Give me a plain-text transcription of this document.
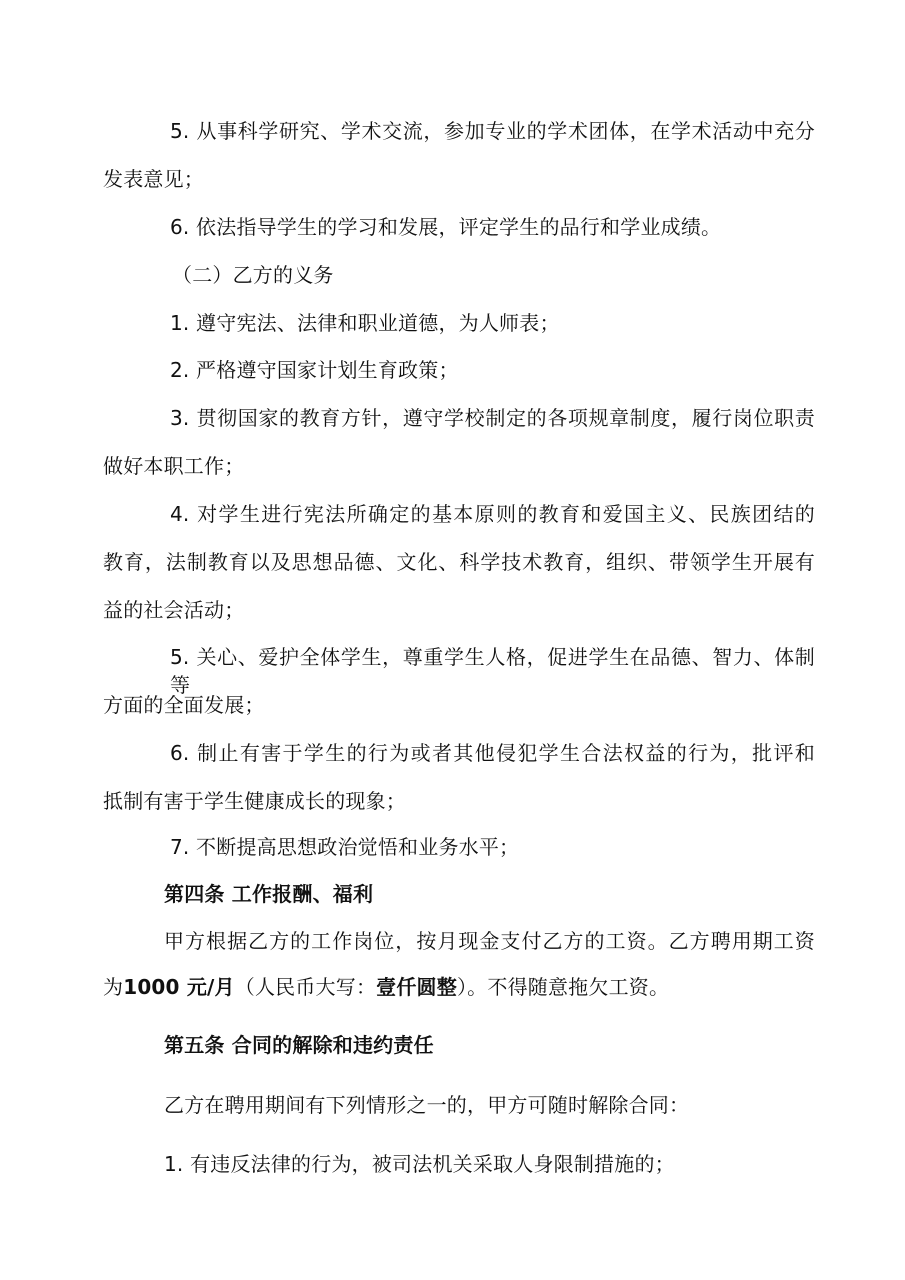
5. 从事科学研究、学术交流，参加专业的学术团体，在学术活动中充分

发表意见；

6. 依法指导学生的学习和发展，评定学生的品行和学业成绩。

（二）乙方的义务

1. 遵守宪法、法律和职业道德，为人师表；

2. 严格遵守国家计划生育政策；

3. 贯彻国家的教育方针，遵守学校制定的各项规章制度，履行岗位职责

做好本职工作；

4. 对学生进行宪法所确定的基本原则的教育和爱国主义、民族团结的

教育，法制教育以及思想品德、文化、科学技术教育，组织、带领学生开展有

益的社会活动；

5. 关心、爱护全体学生，尊重学生人格，促进学生在品德、智力、体制等

方面的全面发展；

6. 制止有害于学生的行为或者其他侵犯学生合法权益的行为，批评和

抵制有害于学生健康成长的现象；

7. 不断提高思想政治觉悟和业务水平；

第四条 工作报酬、福利

甲方根据乙方的工作岗位，按月现金支付乙方的工资。乙方聘用期工资

为1000 元/月（人民币大写：壹仟圆整）。不得随意拖欠工资。

第五条 合同的解除和违约责任

乙方在聘用期间有下列情形之一的，甲方可随时解除合同：

1. 有违反法律的行为，被司法机关采取人身限制措施的；
